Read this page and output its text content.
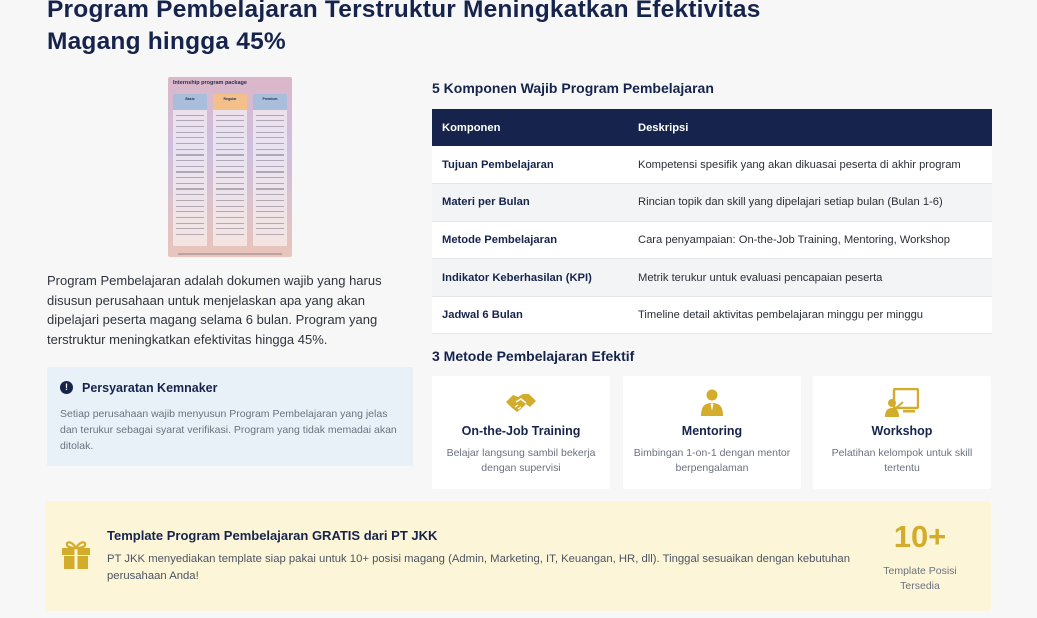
Program Pembelajaran Terstruktur Meningkatkan Efektivitas Magang hingga 45%
Internship program package
Basic	Regular	Premium

Program Pembelajaran adalah dokumen wajib yang harus disusun perusahaan untuk menjelaskan apa yang akan dipelajari peserta magang selama 6 bulan. Program yang terstruktur meningkatkan efektivitas hingga 45%.

!	Persyaratan Kemnaker
Setiap perusahaan wajib menyusun Program Pembelajaran yang jelas dan terukur sebagai syarat verifikasi. Program yang tidak memadai akan ditolak.
5 Komponen Wajib Program Pembelajaran
Komponen	Deskripsi
Tujuan Pembelajaran	Kompetensi spesifik yang akan dikuasai peserta di akhir program
Materi per Bulan	Rincian topik dan skill yang dipelajari setiap bulan (Bulan 1-6)
Metode Pembelajaran	Cara penyampaian: On-the-Job Training, Mentoring, Workshop
Indikator Keberhasilan (KPI)	Metrik terukur untuk evaluasi pencapaian peserta
Jadwal 6 Bulan	Timeline detail aktivitas pembelajaran minggu per minggu
3 Metode Pembelajaran Efektif
On-the-Job Training
Belajar langsung sambil bekerja dengan supervisi
Mentoring
Bimbingan 1-on-1 dengan mentor berpengalaman
Workshop
Pelatihan kelompok untuk skill tertentu
Template Program Pembelajaran GRATIS dari PT JKK
PT JKK menyediakan template siap pakai untuk 10+ posisi magang (Admin, Marketing, IT, Keuangan, HR, dll). Tinggal sesuaikan dengan kebutuhan perusahaan Anda!
10+
Template Posisi Tersedia
